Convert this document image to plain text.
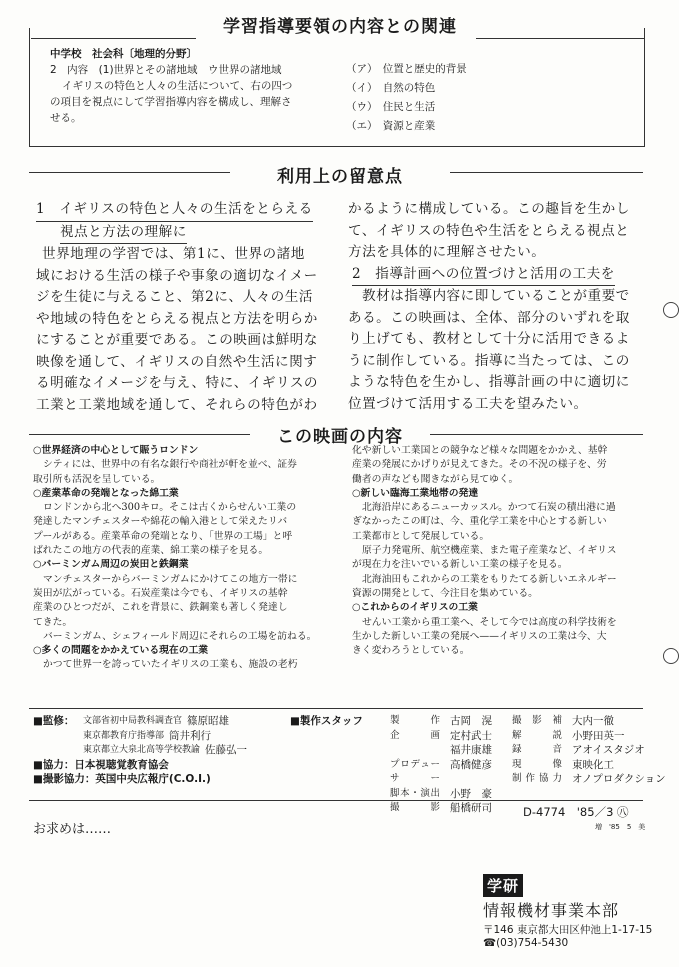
学習指導要領の内容との関連

中学校　社会科〔地理的分野〕

2　内容　(1)世界とその諸地域　ウ世界の諸地域

イギリスの特色と人々の生活について、右の四つ

の項目を視点にして学習指導内容を構成し、理解さ

せる。

（ア）　位置と歴史的背景

（イ）　自然の特色

（ウ）　住民と生活

（エ）　資源と産業

利用上の留意点

1　イギリスの特色と人々の生活をとらえる

視点と方法の理解に

世界地理の学習では、第1に、世界の諸地

域における生活の様子や事象の適切なイメー

ジを生徒に与えること、第2に、人々の生活

や地域の特色をとらえる視点と方法を明らか

にすることが重要である。この映画は鮮明な

映像を通して、イギリスの自然や生活に関す

る明確なイメージを与え、特に、イギリスの

工業と工業地域を通して、それらの特色がわ

かるように構成している。この趣旨を生かし

て、イギリスの特色や生活をとらえる視点と

方法を具体的に理解させたい。

2　指導計画への位置づけと活用の工夫を

教材は指導内容に即していることが重要で

ある。この映画は、全体、部分のいずれを取

り上げても、教材として十分に活用できるよ

うに制作している。指導に当たっては、この

ような特色を生かし、指導計画の中に適切に

位置づけて活用する工夫を望みたい。

この映画の内容

○世界経済の中心として賑うロンドン

シティには、世界中の有名な銀行や商社が軒を並べ、証券

取引所も活況を呈している。

○産業革命の発端となった綿工業

ロンドンから北へ300キロ。そこは古くからせんい工業の

発達したマンチェスターや綿花の輸入港として栄えたリバ

プールがある。産業革命の発端となり、「世界の工場」と呼

ばれたこの地方の代表的産業、綿工業の様子を見る。

○バーミンガム周辺の炭田と鉄鋼業

マンチェスターからバーミンガムにかけてこの地方一帯に

炭田が広がっている。石炭産業は今でも、イギリスの基幹

産業のひとつだが、これを背景に、鉄鋼業も著しく発達し

てきた。

バーミンガム、シェフィールド周辺にそれらの工場を訪ねる。

○多くの問題をかかえている現在の工業

かつて世界一を誇っていたイギリスの工業も、施設の老朽

化や新しい工業国との競争など様々な問題をかかえ、基幹

産業の発展にかげりが見えてきた。その不況の様子を、労

働者の声なども聞きながら見てゆく。

○新しい臨海工業地帯の発達

北海沿岸にあるニューカッスル。かつて石炭の積出港に過

ぎなかったこの町は、今、重化学工業を中心とする新しい

工業都市として発展している。

原子力発電所、航空機産業、また電子産業など、イギリス

が現在力を注いでいる新しい工業の様子を見る。

北海油田もこれからの工業をもりたてる新しいエネルギー

資源の開発として、今注目を集めている。

○これからのイギリスの工業

せんい工業から重工業へ、そして今では高度の科学技術を

生かした新しい工業の発展へ——イギリスの工業は今、大

きく変わろうとしている。

■監修： 文部省初中局教科調査官 篠原昭雄
東京都教育庁指導部 筒井利行
東京都立大泉北高等学校教諭 佐藤弘一
■協力：日本視聴覚教育協会
■撮影協力：英国中央広報庁(C.O.I.)
■製作スタッフ	製　作 古岡　滉
企　画 定村武士
福井康雄
プロデューサー
高橋健彦
脚本・演出 小野　豪
撮　影 船橋研司
撮影補 大内一徹
解　説 小野田英一
録　音 アオイスタジオ
現　像 東映化工
制作協力 オノプロダクション
D-4774　'85／3 ㊇
増　'85　5　美
お求めは……
学研
情報機材事業本部
〒146 東京都大田区仲池上1-17-15
☎(03)754-5430
